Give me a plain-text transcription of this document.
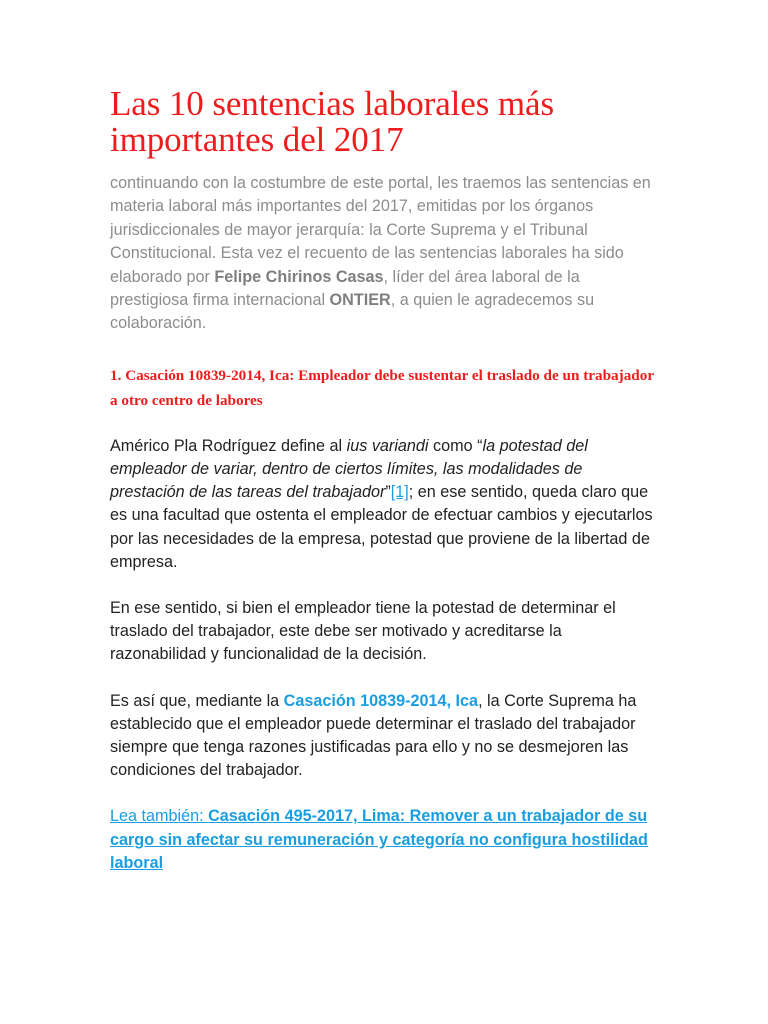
Las 10 sentencias laborales más importantes del 2017

continuando con la costumbre de este portal, les traemos las sentencias en materia laboral más importantes del 2017, emitidas por los órganos jurisdiccionales de mayor jerarquía: la Corte Suprema y el Tribunal Constitucional. Esta vez el recuento de las sentencias laborales ha sido elaborado por Felipe Chirinos Casas, líder del área laboral de la prestigiosa firma internacional ONTIER, a quien le agradecemos su colaboración.

1. Casación 10839-2014, Ica: Empleador debe sustentar el traslado de un trabajador a otro centro de labores

Américo Pla Rodríguez define al ius variandi como “la potestad del empleador de variar, dentro de ciertos límites, las modalidades de prestación de las tareas del trabajador”[1]; en ese sentido, queda claro que es una facultad que ostenta el empleador de efectuar cambios y ejecutarlos por las necesidades de la empresa, potestad que proviene de la libertad de empresa.

En ese sentido, si bien el empleador tiene la potestad de determinar el traslado del trabajador, este debe ser motivado y acreditarse la razonabilidad y funcionalidad de la decisión.

Es así que, mediante la Casación 10839-2014, Ica, la Corte Suprema ha establecido que el empleador puede determinar el traslado del trabajador siempre que tenga razones justificadas para ello y no se desmejoren las condiciones del trabajador.

Lea también: Casación 495-2017, Lima: Remover a un trabajador de su cargo sin afectar su remuneración y categoría no configura hostilidad laboral
